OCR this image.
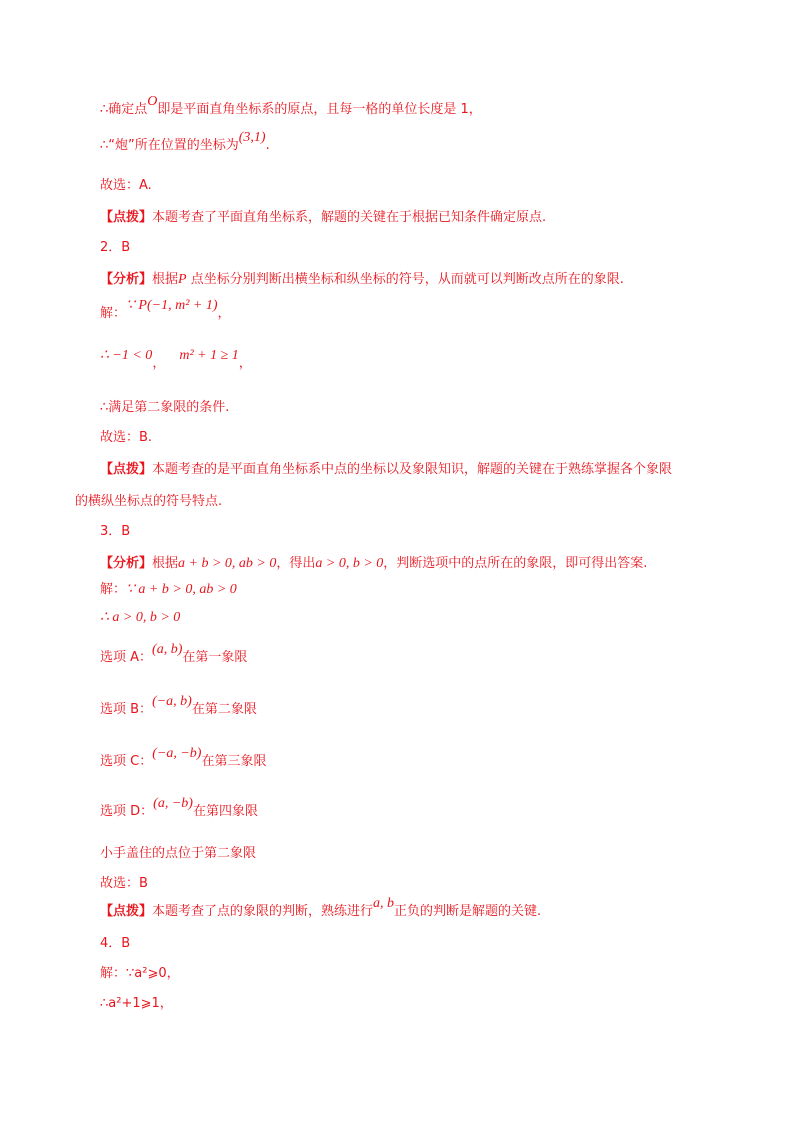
∴确定点O即是平面直角坐标系的原点，且每一格的单位长度是 1，
∴“炮”所在位置的坐标为(3,1).
故选：A.
【点拨】本题考查了平面直角坐标系，解题的关键在于根据已知条件确定原点.
2．B
【分析】根据P 点坐标分别判断出横坐标和纵坐标的符号，从而就可以判断改点所在的象限.
解：∵ P(−1, m² + 1)，
∴ −1 < 0，m² + 1 ≥ 1，
∴满足第二象限的条件.
故选：B.
【点拨】本题考查的是平面直角坐标系中点的坐标以及象限知识，解题的关键在于熟练掌握各个象限
的横纵坐标点的符号特点.
3．B
【分析】根据a + b > 0, ab > 0，得出a > 0, b > 0，判断选项中的点所在的象限，即可得出答案.
解：∵ a + b > 0, ab > 0
∴ a > 0, b > 0
选项 A：(a, b)在第一象限
选项 B：(−a, b)在第二象限
选项 C：(−a, −b)在第三象限
选项 D：(a, −b)在第四象限
小手盖住的点位于第二象限
故选：B
【点拨】本题考查了点的象限的判断，熟练进行a, b正负的判断是解题的关键.
4．B
解：∵a²⩾0，
∴a²+1⩾1，
